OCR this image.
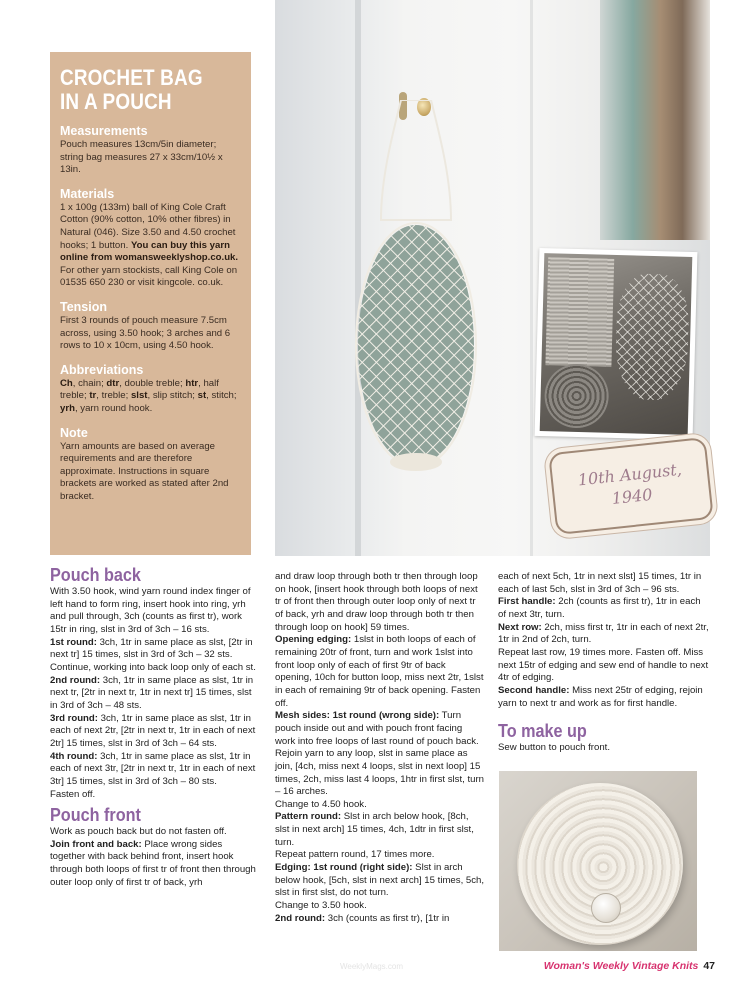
CROCHET BAG
IN A POUCH
Measurements
Pouch measures 13cm/5in diameter; string bag measures 27 x 33cm/10½ x 13in.
Materials
1 x 100g (133m) ball of King Cole Craft Cotton (90% cotton, 10% other fibres) in Natural (046). Size 3.50 and 4.50 crochet hooks; 1 button. You can buy this yarn online from womansweeklyshop.co.uk. For other yarn stockists, call King Cole on 01535 650 230 or visit kingcole. co.uk.
Tension
First 3 rounds of pouch measure 7.5cm across, using 3.50 hook; 3 arches and 6 rows to 10 x 10cm, using 4.50 hook.
Abbreviations
Ch, chain; dtr, double treble; htr, half treble; tr, treble; slst, slip stitch; st, stitch; yrh, yarn round hook.
Note
Yarn amounts are based on average requirements and are therefore approximate. Instructions in square brackets are worked as stated after 2nd bracket.
10th August,
1940
Pouch back

With 3.50 hook, wind yarn round index finger of left hand to form ring, insert hook into ring, yrh and pull through, 3ch (counts as first tr), work 15tr in ring, slst in 3rd of 3ch – 16 sts.

1st round: 3ch, 1tr in same place as slst, [2tr in next tr] 15 times, slst in 3rd of 3ch – 32 sts. Continue, working into back loop only of each st.

2nd round: 3ch, 1tr in same place as slst, 1tr in next tr, [2tr in next tr, 1tr in next tr] 15 times, slst in 3rd of 3ch – 48 sts.

3rd round: 3ch, 1tr in same place as slst, 1tr in each of next 2tr, [2tr in next tr, 1tr in each of next 2tr] 15 times, slst in 3rd of 3ch – 64 sts.

4th round: 3ch, 1tr in same place as slst, 1tr in each of next 3tr, [2tr in next tr, 1tr in each of next 3tr] 15 times, slst in 3rd of 3ch – 80 sts.

Fasten off.

Pouch front

Work as pouch back but do not fasten off.

Join front and back: Place wrong sides together with back behind front, insert hook through both loops of first tr of front then through outer loop only of first tr of back, yrh

and draw loop through both tr then through loop on hook, [insert hook through both loops of next tr of front then through outer loop only of next tr of back, yrh and draw loop through both tr then through loop on hook] 59 times.

Opening edging: 1slst in both loops of each of remaining 20tr of front, turn and work 1slst into front loop only of each of first 9tr of back opening, 10ch for button loop, miss next 2tr, 1slst in each of remaining 9tr of back opening. Fasten off.

Mesh sides: 1st round (wrong side): Turn pouch inside out and with pouch front facing work into free loops of last round of pouch back. Rejoin yarn to any loop, slst in same place as join, [4ch, miss next 4 loops, slst in next loop] 15 times, 2ch, miss last 4 loops, 1htr in first slst, turn – 16 arches.

Change to 4.50 hook.

Pattern round: Slst in arch below hook, [8ch, slst in next arch] 15 times, 4ch, 1dtr in first slst, turn.

Repeat pattern round, 17 times more.

Edging: 1st round (right side): Slst in arch below hook, [5ch, slst in next arch] 15 times, 5ch, slst in first slst, do not turn.

Change to 3.50 hook.

2nd round: 3ch (counts as first tr), [1tr in

each of next 5ch, 1tr in next slst] 15 times, 1tr in each of last 5ch, slst in 3rd of 3ch – 96 sts.

First handle: 2ch (counts as first tr), 1tr in each of next 3tr, turn.

Next row: 2ch, miss first tr, 1tr in each of next 2tr, 1tr in 2nd of 2ch, turn.

Repeat last row, 19 times more. Fasten off. Miss next 15tr of edging and sew end of handle to next 4tr of edging.

Second handle: Miss next 25tr of edging, rejoin yarn to next tr and work as for first handle.

To make up

Sew button to pouch front.

WeeklyMags.com	Woman's Weekly Vintage Knits 47
